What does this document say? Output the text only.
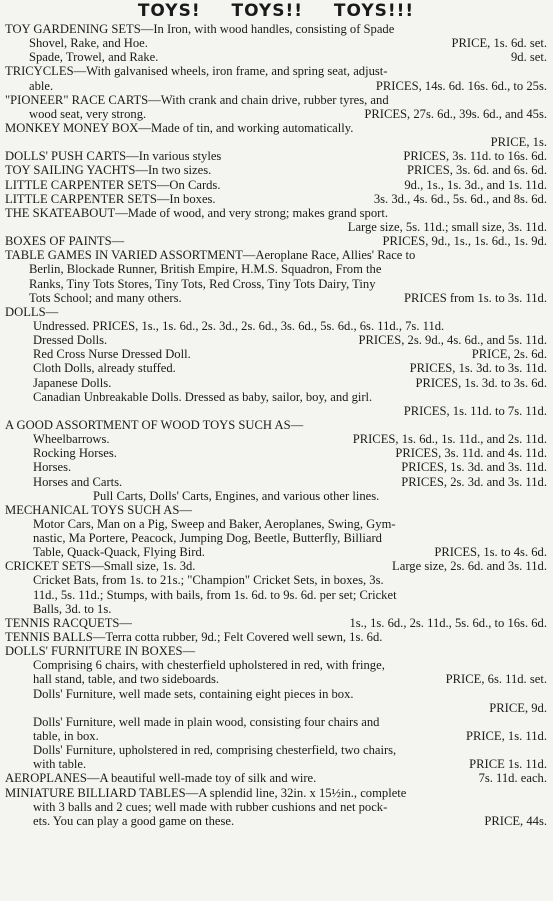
TOYS! TOYS!! TOYS!!!
TOY GARDENING SETS—In Iron, with wood handles, consisting of Spade
Shovel, Rake, and Hoe.	PRICE, 1s. 6d. set.
Spade, Trowel, and Rake.	9d. set.
TRICYCLES—With galvanised wheels, iron frame, and spring seat, adjust-
able.	PRICES, 14s. 6d. 16s. 6d., to 25s.
"PIONEER" RACE CARTS—With crank and chain drive, rubber tyres, and
wood seat, very strong.	PRICES, 27s. 6d., 39s. 6d., and 45s.
MONKEY MONEY BOX—Made of tin, and working automatically.
PRICE, 1s.
DOLLS' PUSH CARTS—In various styles	PRICES, 3s. 11d. to 16s. 6d.
TOY SAILING YACHTS—In two sizes.	PRICES, 3s. 6d. and 6s. 6d.
LITTLE CARPENTER SETS—On Cards.	9d., 1s., 1s. 3d., and 1s. 11d.
LITTLE CARPENTER SETS—In boxes.	3s. 3d., 4s. 6d., 5s. 6d., and 8s. 6d.
THE SKATEABOUT—Made of wood, and very strong; makes grand sport.
Large size, 5s. 11d.; small size, 3s. 11d.
BOXES OF PAINTS—	PRICES, 9d., 1s., 1s. 6d., 1s. 9d.
TABLE GAMES IN VARIED ASSORTMENT—Aeroplane Race, Allies' Race to
Berlin, Blockade Runner, British Empire, H.M.S. Squadron, From the
Ranks, Tiny Tots Stores, Tiny Tots, Red Cross, Tiny Tots Dairy, Tiny
Tots School; and many others.	PRICES from 1s. to 3s. 11d.
DOLLS—
Undressed. PRICES, 1s., 1s. 6d., 2s. 3d., 2s. 6d., 3s. 6d., 5s. 6d., 6s. 11d., 7s. 11d.
Dressed Dolls.	PRICES, 2s. 9d., 4s. 6d., and 5s. 11d.
Red Cross Nurse Dressed Doll.	PRICE, 2s. 6d.
Cloth Dolls, already stuffed.	PRICES, 1s. 3d. to 3s. 11d.
Japanese Dolls.	PRICES, 1s. 3d. to 3s. 6d.
Canadian Unbreakable Dolls. Dressed as baby, sailor, boy, and girl.
PRICES, 1s. 11d. to 7s. 11d.
A GOOD ASSORTMENT OF WOOD TOYS SUCH AS—
Wheelbarrows.	PRICES, 1s. 6d., 1s. 11d., and 2s. 11d.
Rocking Horses.	PRICES, 3s. 11d. and 4s. 11d.
Horses.	PRICES, 1s. 3d. and 3s. 11d.
Horses and Carts.	PRICES, 2s. 3d. and 3s. 11d.
Pull Carts, Dolls' Carts, Engines, and various other lines.
MECHANICAL TOYS SUCH AS—
Motor Cars, Man on a Pig, Sweep and Baker, Aeroplanes, Swing, Gym-
nastic, Ma Portere, Peacock, Jumping Dog, Beetle, Butterfly, Billiard
Table, Quack-Quack, Flying Bird.	PRICES, 1s. to 4s. 6d.
CRICKET SETS—Small size, 1s. 3d.	Large size, 2s. 6d. and 3s. 11d.
Cricket Bats, from 1s. to 21s.; "Champion" Cricket Sets, in boxes, 3s.
11d., 5s. 11d.; Stumps, with bails, from 1s. 6d. to 9s. 6d. per set; Cricket
Balls, 3d. to 1s.
TENNIS RACQUETS—	1s., 1s. 6d., 2s. 11d., 5s. 6d., to 16s. 6d.
TENNIS BALLS—Terra cotta rubber, 9d.; Felt Covered well sewn, 1s. 6d.
DOLLS' FURNITURE IN BOXES—
Comprising 6 chairs, with chesterfield upholstered in red, with fringe,
hall stand, table, and two sideboards.	PRICE, 6s. 11d. set.
Dolls' Furniture, well made sets, containing eight pieces in box.
PRICE, 9d.
Dolls' Furniture, well made in plain wood, consisting four chairs and
table, in box.	PRICE, 1s. 11d.
Dolls' Furniture, upholstered in red, comprising chesterfield, two chairs,
with table.	PRICE 1s. 11d.
AEROPLANES—A beautiful well-made toy of silk and wire.	7s. 11d. each.
MINIATURE BILLIARD TABLES—A splendid line, 32in. x 15½in., complete
with 3 balls and 2 cues; well made with rubber cushions and net pock-
ets. You can play a good game on these.	PRICE, 44s.
